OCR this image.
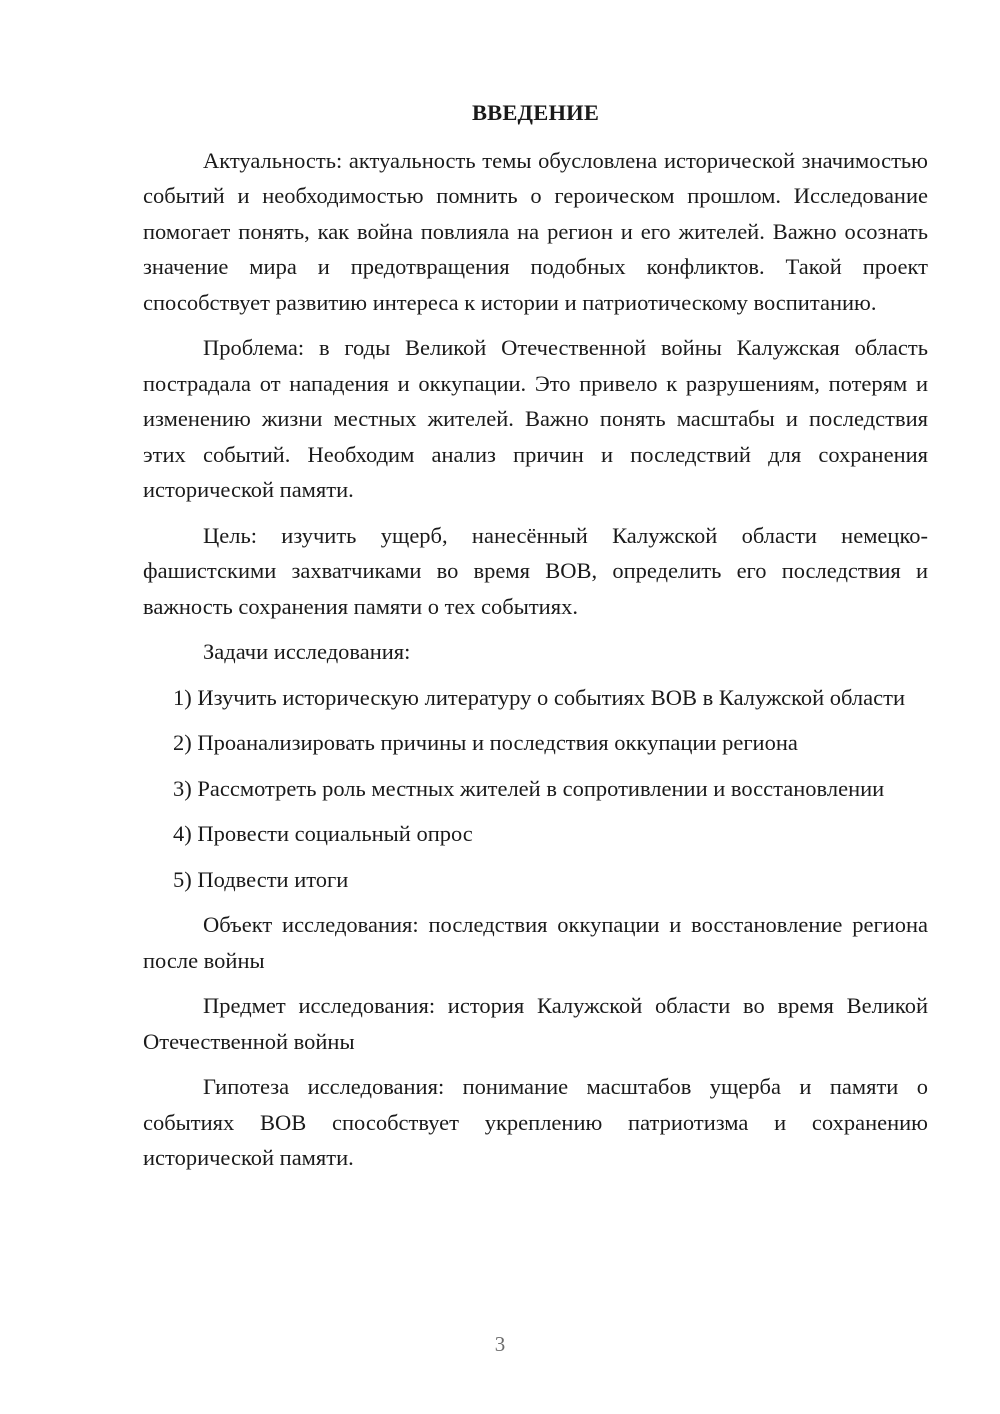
ВВЕДЕНИЕ

Актуальность: актуальность темы обусловлена исторической значимостью событий и необходимостью помнить о героическом прошлом. Исследование помогает понять, как война повлияла на регион и его жителей. Важно осознать значение мира и предотвращения подобных конфликтов. Такой проект способствует развитию интереса к истории и патриотическому воспитанию.

Проблема: в годы Великой Отечественной войны Калужская область пострадала от нападения и оккупации. Это привело к разрушениям, потерям и изменению жизни местных жителей. Важно понять масштабы и последствия этих событий. Необходим анализ причин и последствий для сохранения исторической памяти.

Цель: изучить ущерб, нанесённый Калужской области немецко-фашистскими захватчиками во время ВОВ, определить его последствия и важность сохранения памяти о тех событиях.

Задачи исследования:

1) Изучить историческую литературу о событиях ВОВ в Калужской области

2) Проанализировать причины и последствия оккупации региона

3) Рассмотреть роль местных жителей в сопротивлении и восстановлении

4) Провести социальный опрос

5) Подвести итоги

Объект исследования: последствия оккупации и восстановление региона после войны

Предмет исследования: история Калужской области во время Великой Отечественной войны

Гипотеза исследования: понимание масштабов ущерба и памяти о событиях ВОВ способствует укреплению патриотизма и сохранению исторической памяти.

3
